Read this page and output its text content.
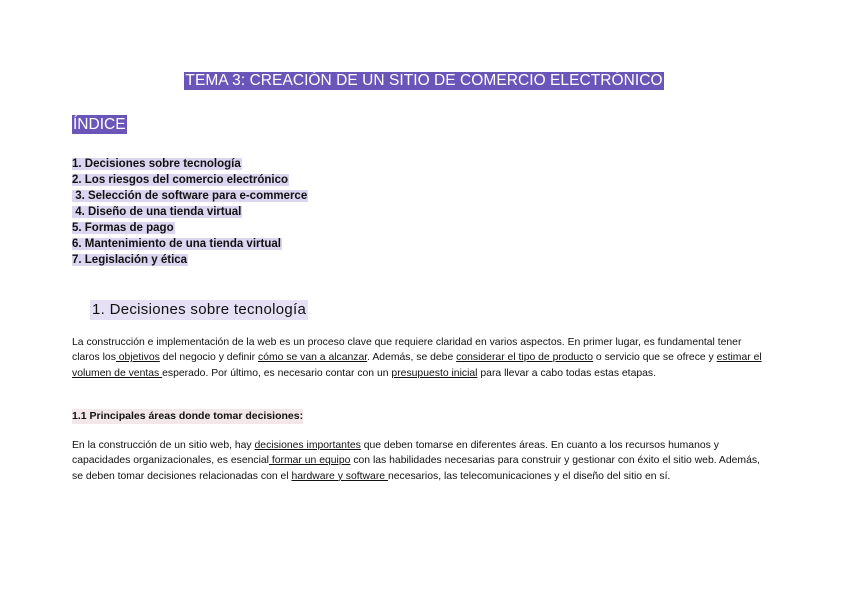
TEMA 3: CREACIÓN DE UN SITIO DE COMERCIO ELECTRÓNICO
ÍNDICE
1. Decisiones sobre tecnología
2. Los riesgos del comercio electrónico
3. Selección de software para e-commerce
4. Diseño de una tienda virtual
5. Formas de pago
6. Mantenimiento de una tienda virtual
7. Legislación y ética
1. Decisiones sobre tecnología

La construcción e implementación de la web es un proceso clave que requiere claridad en varios aspectos. En primer lugar, es fundamental tener claros los objetivos del negocio y definir cómo se van a alcanzar. Además, se debe considerar el tipo de producto o servicio que se ofrece y estimar el volumen de ventas esperado. Por último, es necesario contar con un presupuesto inicial para llevar a cabo todas estas etapas.

1.1 Principales áreas donde tomar decisiones:

En la construcción de un sitio web, hay decisiones importantes que deben tomarse en diferentes áreas. En cuanto a los recursos humanos y capacidades organizacionales, es esencial formar un equipo con las habilidades necesarias para construir y gestionar con éxito el sitio web. Además, se deben tomar decisiones relacionadas con el hardware y software necesarios, las telecomunicaciones y el diseño del sitio en sí.
